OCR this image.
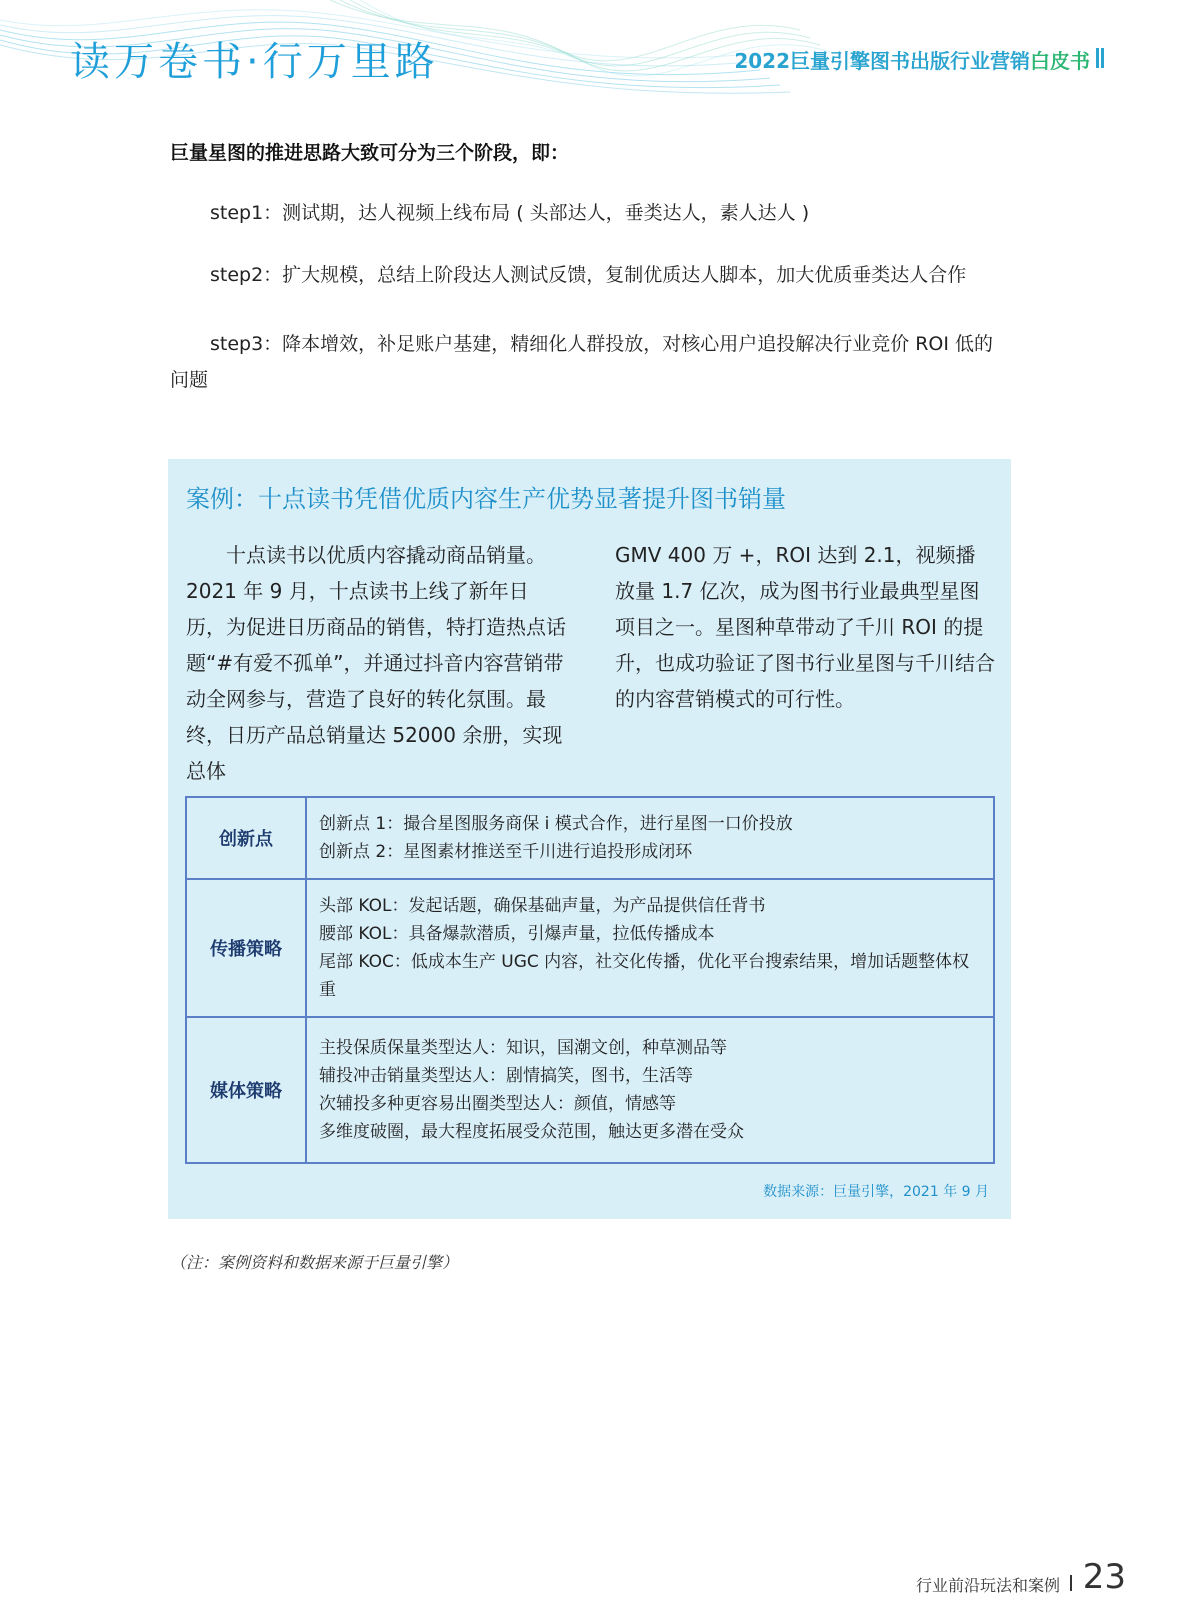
读万卷书·行万里路	2022巨量引擎图书出版行业营销白皮书
巨量星图的推进思路大致可分为三个阶段，即：
step1：测试期，达人视频上线布局 ( 头部达人，垂类达人，素人达人 )
step2：扩大规模，总结上阶段达人测试反馈，复制优质达人脚本，加大优质垂类达人合作
step3：降本增效，补足账户基建，精细化人群投放，对核心用户追投解决行业竞价 ROI 低的问题
案例：十点读书凭借优质内容生产优势显著提升图书销量
十点读书以优质内容撬动商品销量。2021 年 9 月，十点读书上线了新年日历，为促进日历商品的销售，特打造热点话题“#有爱不孤单”，并通过抖音内容营销带动全网参与，营造了良好的转化氛围。最终，日历产品总销量达 52000 余册，实现总体
GMV 400 万 +，ROI 达到 2.1，视频播放量 1.7 亿次，成为图书行业最典型星图项目之一。星图种草带动了千川 ROI 的提升，也成功验证了图书行业星图与千川结合的内容营销模式的可行性。
创新点	创新点 1：撮合星图服务商保 i 模式合作，进行星图一口价投放
创新点 2：星图素材推送至千川进行追投形成闭环

传播策略	头部 KOL：发起话题，确保基础声量，为产品提供信任背书
腰部 KOL：具备爆款潜质，引爆声量，拉低传播成本
尾部 KOC：低成本生产 UGC 内容，社交化传播，优化平台搜索结果，增加话题整体权重

媒体策略	主投保质保量类型达人：知识，国潮文创，种草测品等
辅投冲击销量类型达人：剧情搞笑，图书，生活等
次辅投多种更容易出圈类型达人：颜值，情感等
多维度破圈，最大程度拓展受众范围，触达更多潜在受众
数据来源：巨量引擎，2021 年 9 月
（注：案例资料和数据来源于巨量引擎）
行业前沿玩法和案例 23
